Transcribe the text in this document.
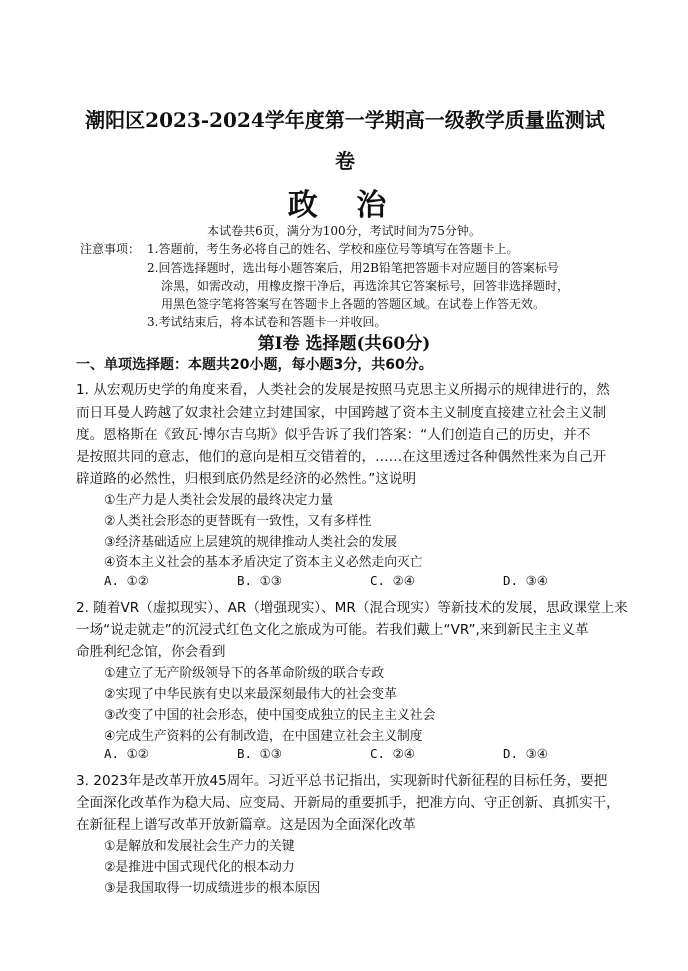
潮阳区2023-2024学年度第一学期高一级教学质量监测试
卷
政 治
本试卷共6页，满分为100分，考试时间为75分钟。
注意事项： 1.答题前，考生务必将自己的姓名、学校和座位号等填写在答题卡上。
2.回答选择题时，选出每小题答案后，用2B铅笔把答题卡对应题目的答案标号
涂黑，如需改动，用橡皮擦干净后，再选涂其它答案标号，回答非选择题时，
用黑色签字笔将答案写在答题卡上各题的答题区域。在试卷上作答无效。
3.考试结束后，将本试卷和答题卡一并收回。
第Ⅰ卷 选择题(共60分)
一、单项选择题：本题共20小题，每小题3分，共60分。
1. 从宏观历史学的角度来看，人类社会的发展是按照马克思主义所揭示的规律进行的，然
而日耳曼人跨越了奴隶社会建立封建国家，中国跨越了资本主义制度直接建立社会主义制
度。恩格斯在《致瓦·博尔吉乌斯》似乎告诉了我们答案：“人们创造自己的历史，并不
是按照共同的意志，他们的意向是相互交错着的，……在这里透过各种偶然性来为自己开
辟道路的必然性，归根到底仍然是经济的必然性。”这说明
①生产力是人类社会发展的最终决定力量
②人类社会形态的更替既有一致性，又有多样性
③经济基础适应上层建筑的规律推动人类社会的发展
④资本主义社会的基本矛盾决定了资本主义必然走向灭亡
A. ①②	B. ①③	C. ②④	D. ③④
2. 随着VR（虚拟现实）、AR（增强现实）、MR（混合现实）等新技术的发展，思政课堂上来
一场“说走就走”的沉浸式红色文化之旅成为可能。若我们戴上“VR”,来到新民主主义革
命胜利纪念馆，你会看到
①建立了无产阶级领导下的各革命阶级的联合专政
②实现了中华民族有史以来最深刻最伟大的社会变革
③改变了中国的社会形态，使中国变成独立的民主主义社会
④完成生产资料的公有制改造，在中国建立社会主义制度
A. ①②	B. ①③	C. ②④	D. ③④
3. 2023年是改革开放45周年。习近平总书记指出，实现新时代新征程的目标任务，要把
全面深化改革作为稳大局、应变局、开新局的重要抓手，把准方向、守正创新、真抓实干，
在新征程上谱写改革开放新篇章。这是因为全面深化改革
①是解放和发展社会生产力的关键
②是推进中国式现代化的根本动力
③是我国取得一切成绩进步的根本原因
